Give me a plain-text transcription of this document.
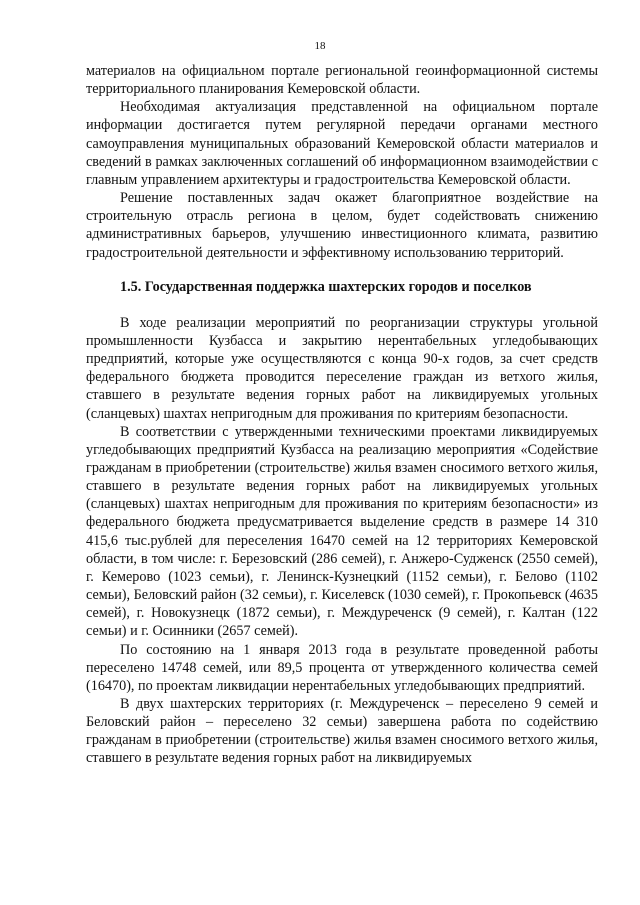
18

материалов на официальном портале региональной геоинформационной системы территориального планирования Кемеровской области.

Необходимая актуализация представленной на официальном портале информации достигается путем регулярной передачи органами местного самоуправления муниципальных образований Кемеровской области материалов и сведений в рамках заключенных соглашений об информационном взаимодействии с главным управлением архитектуры и градостроительства Кемеровской области.

Решение поставленных задач окажет благоприятное воздействие на строительную отрасль региона в целом, будет содействовать снижению административных барьеров, улучшению инвестиционного климата, развитию градостроительной деятельности и эффективному использованию территорий.

1.5. Государственная поддержка шахтерских городов и поселков

В ходе реализации мероприятий по реорганизации структуры угольной промышленности Кузбасса и закрытию нерентабельных угледобывающих предприятий, которые уже осуществляются с конца 90-х годов, за счет средств федерального бюджета проводится переселение граждан из ветхого жилья, ставшего в результате ведения горных работ на ликвидируемых угольных (сланцевых) шахтах непригодным для проживания по критериям безопасности.

В соответствии с утвержденными техническими проектами ликвидируемых угледобывающих предприятий Кузбасса на реализацию мероприятия «Содействие гражданам в приобретении (строительстве) жилья взамен сносимого ветхого жилья, ставшего в результате ведения горных работ на ликвидируемых угольных (сланцевых) шахтах непригодным для проживания по критериям безопасности» из федерального бюджета предусматривается выделение средств в размере 14 310 415,6 тыс.рублей для переселения 16470 семей на 12 территориях Кемеровской области, в том числе: г. Березовский (286 семей), г. Анжеро-Судженск (2550 семей), г. Кемерово (1023 семьи), г. Ленинск-Кузнецкий (1152 семьи), г. Белово (1102 семьи), Беловский район (32 семьи), г. Киселевск (1030 семей), г. Прокопьевск (4635 семей), г. Новокузнецк (1872 семьи), г. Междуреченск (9 семей), г. Калтан (122 семьи) и г. Осинники (2657 семей).

По состоянию на 1 января 2013 года в результате проведенной работы переселено 14748 семей, или 89,5 процента от утвержденного количества семей (16470), по проектам ликвидации нерентабельных угледобывающих предприятий.

В двух шахтерских территориях (г. Междуреченск – переселено 9 семей и Беловский район – переселено 32 семьи) завершена работа по содействию гражданам в приобретении (строительстве) жилья взамен сносимого ветхого жилья, ставшего в результате ведения горных работ на ликвидируемых
